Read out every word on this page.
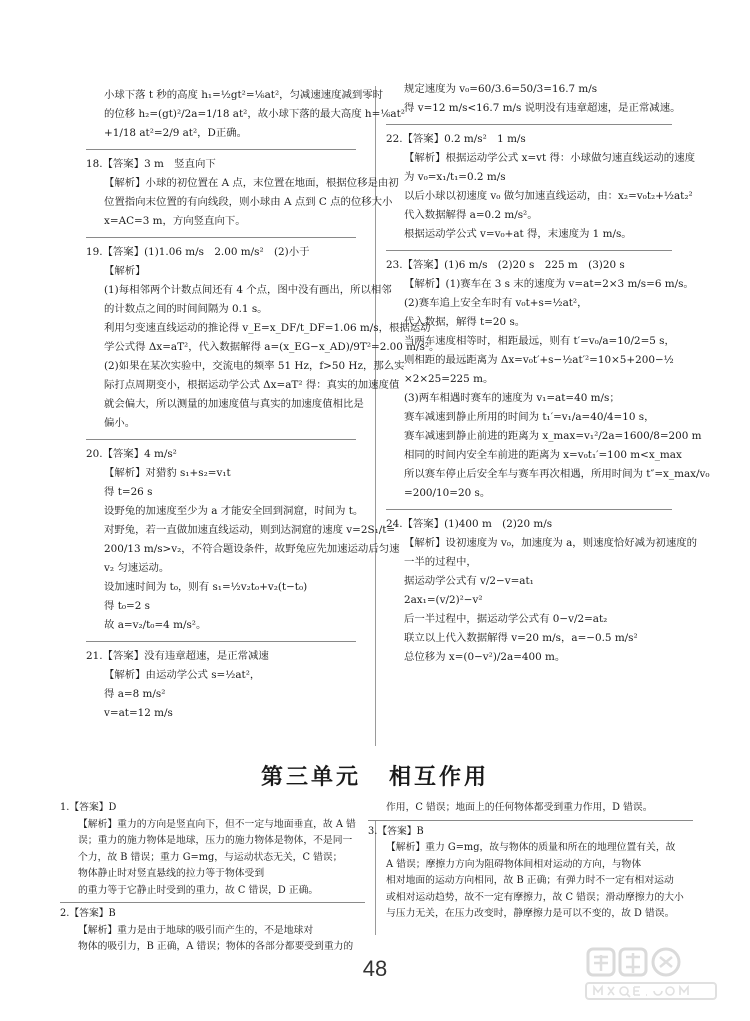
小球下落 t 秒的高度 h₁=½gt²=⅙at²，匀减速速度减到零时
的位移 h₂=(gt)²/2a=1/18 at²，故小球下落的最大高度 h=⅙at²
+1/18 at²=2/9 at²，D正确。
18.【答案】3 m　竖直向下
【解析】小球的初位置在 A 点，末位置在地面，根据位移是由初
位置指向末位置的有向线段，则小球由 A 点到 C 点的位移大小
x=AC=3 m，方向竖直向下。
19.【答案】(1)1.06 m/s　2.00 m/s²　(2)小于
【解析】
(1)每相邻两个计数点间还有 4 个点，图中没有画出，所以相邻
的计数点之间的时间间隔为 0.1 s。
利用匀变速直线运动的推论得 v_E=x_DF/t_DF=1.06 m/s，根据运动
学公式得 Δx=aT²，代入数据解得 a=(x_EG−x_AD)/9T²=2.00 m/s²。
(2)如果在某次实验中，交流电的频率 51 Hz，f>50 Hz，那么实
际打点周期变小，根据运动学公式 Δx=aT² 得：真实的加速度值
就会偏大，所以测量的加速度值与真实的加速度值相比是
偏小。
20.【答案】4 m/s²
【解析】对猎豹 s₁+s₂=v₁t
得 t=26 s
设野兔的加速度至少为 a 才能安全回到洞窟，时间为 t。
对野兔，若一直做加速直线运动，则到达洞窟的速度 v=2S₁/t=
200/13 m/s>v₂，不符合题设条件，故野兔应先加速运动后匀速
v₂ 匀速运动。
设加速时间为 t₀，则有 s₁=½v₂t₀+v₂(t−t₀)
得 t₀=2 s
故 a=v₂/t₀=4 m/s²。
21.【答案】没有违章超速，是正常减速
【解析】由运动学公式 s=½at²，
得 a=8 m/s²
v=at=12 m/s
规定速度为 v₀=60/3.6=50/3=16.7 m/s
得 v=12 m/s<16.7 m/s 说明没有违章超速，是正常减速。
22.【答案】0.2 m/s²　1 m/s
【解析】根据运动学公式 x=vt 得：小球做匀速直线运动的速度
为 v₀=x₁/t₁=0.2 m/s
以后小球以初速度 v₀ 做匀加速直线运动，由：x₂=v₀t₂+½at₂²
代入数据解得 a=0.2 m/s²。
根据运动学公式 v=v₀+at 得，末速度为 1 m/s。
23.【答案】(1)6 m/s　(2)20 s　225 m　(3)20 s
【解析】(1)赛车在 3 s 末的速度为 v=at=2×3 m/s=6 m/s。
(2)赛车追上安全车时有 v₀t+s=½at²，
代入数据，解得 t=20 s。
当两车速度相等时，相距最远，则有 t′=v₀/a=10/2=5 s，
则相距的最远距离为 Δx=v₀t′+s−½at′²=10×5+200−½
×2×25=225 m。
(3)两车相遇时赛车的速度为 v₁=at=40 m/s；
赛车减速到静止所用的时间为 t₁′=v₁/a=40/4=10 s，
赛车减速到静止前进的距离为 x_max=v₁²/2a=1600/8=200 m
相同的时间内安全车前进的距离为 x=v₀t₁′=100 m<x_max
所以赛车停止后安全车与赛车再次相遇，所用时间为 t″=x_max/v₀
=200/10=20 s。
24.【答案】(1)400 m　(2)20 m/s
【解析】设初速度为 v₀，加速度为 a，则速度恰好减为初速度的
一半的过程中，
据运动学公式有 v/2−v=at₁
2ax₁=(v/2)²−v²
后一半过程中，据运动学公式有 0−v/2=at₂
联立以上代入数据解得 v=20 m/s，a=−0.5 m/s²
总位移为 x=(0−v²)/2a=400 m。
第三单元 相互作用
1.【答案】D
【解析】重力的方向是竖直向下，但不一定与地面垂直，故 A 错
误；重力的施力物体是地球，压力的施力物体是物体，不是同一
个力，故 B 错误；重力 G=mg，与运动状态无关，C 错误；
物体静止时对竖直悬线的拉力等于物体受到
的重力等于它静止时受到的重力，故 C 错误，D 正确。
2.【答案】B
【解析】重力是由于地球的吸引而产生的，不是地球对
物体的吸引力，B 正确，A 错误；物体的各部分都要受到重力的
作用，C 错误；地面上的任何物体都受到重力作用，D 错误。
3.【答案】B
【解析】重力 G=mg，故与物体的质量和所在的地理位置有关，故
A 错误；摩擦力方向为阻碍物体间相对运动的方向，与物体
相对地面的运动方向相同，故 B 正确；有弹力时不一定有相对运动
或相对运动趋势，故不一定有摩擦力，故 C 错误；滑动摩擦力的大小
与压力无关，在压力改变时，静摩擦力是可以不变的，故 D 错误。
48
